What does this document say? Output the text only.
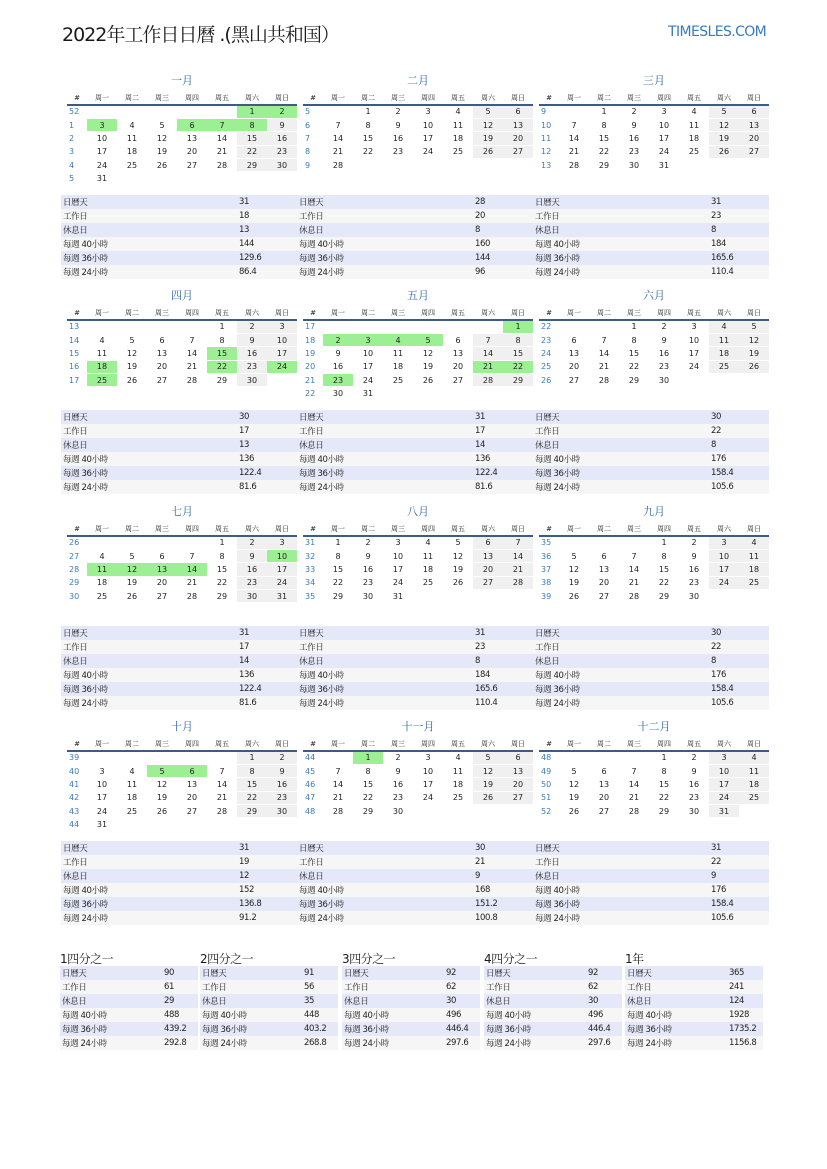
2022年工作日日曆 .(黑山共和国）	TIMESLES.COM
一月
#	周一	周二	周三	周四	周五	周六	周日
52						1	2
1	3	4	5	6	7	8	9
2	10	11	12	13	14	15	16
3	17	18	19	20	21	22	23
4	24	25	26	27	28	29	30
5	31						
日曆天	31
工作日	18
休息日	13
每週 40小時	144
每週 36小時	129.6
每週 24小時	86.4
二月
#	周一	周二	周三	周四	周五	周六	周日
5		1	2	3	4	5	6
6	7	8	9	10	11	12	13
7	14	15	16	17	18	19	20
8	21	22	23	24	25	26	27
9	28						
日曆天	28
工作日	20
休息日	8
每週 40小時	160
每週 36小時	144
每週 24小時	96
三月
#	周一	周二	周三	周四	周五	周六	周日
9		1	2	3	4	5	6
10	7	8	9	10	11	12	13
11	14	15	16	17	18	19	20
12	21	22	23	24	25	26	27
13	28	29	30	31			
日曆天	31
工作日	23
休息日	8
每週 40小時	184
每週 36小時	165.6
每週 24小時	110.4
四月
#	周一	周二	周三	周四	周五	周六	周日
13					1	2	3
14	4	5	6	7	8	9	10
15	11	12	13	14	15	16	17
16	18	19	20	21	22	23	24
17	25	26	27	28	29	30	
日曆天	30
工作日	17
休息日	13
每週 40小時	136
每週 36小時	122.4
每週 24小時	81.6
五月
#	周一	周二	周三	周四	周五	周六	周日
17							1
18	2	3	4	5	6	7	8
19	9	10	11	12	13	14	15
20	16	17	18	19	20	21	22
21	23	24	25	26	27	28	29
22	30	31					
日曆天	31
工作日	17
休息日	14
每週 40小時	136
每週 36小時	122.4
每週 24小時	81.6
六月
#	周一	周二	周三	周四	周五	周六	周日
22			1	2	3	4	5
23	6	7	8	9	10	11	12
24	13	14	15	16	17	18	19
25	20	21	22	23	24	25	26
26	27	28	29	30			
日曆天	30
工作日	22
休息日	8
每週 40小時	176
每週 36小時	158.4
每週 24小時	105.6
七月
#	周一	周二	周三	周四	周五	周六	周日
26					1	2	3
27	4	5	6	7	8	9	10
28	11	12	13	14	15	16	17
29	18	19	20	21	22	23	24
30	25	26	27	28	29	30	31
日曆天	31
工作日	17
休息日	14
每週 40小時	136
每週 36小時	122.4
每週 24小時	81.6
八月
#	周一	周二	周三	周四	周五	周六	周日
31	1	2	3	4	5	6	7
32	8	9	10	11	12	13	14
33	15	16	17	18	19	20	21
34	22	23	24	25	26	27	28
35	29	30	31				
日曆天	31
工作日	23
休息日	8
每週 40小時	184
每週 36小時	165.6
每週 24小時	110.4
九月
#	周一	周二	周三	周四	周五	周六	周日
35				1	2	3	4
36	5	6	7	8	9	10	11
37	12	13	14	15	16	17	18
38	19	20	21	22	23	24	25
39	26	27	28	29	30		
日曆天	30
工作日	22
休息日	8
每週 40小時	176
每週 36小時	158.4
每週 24小時	105.6
十月
#	周一	周二	周三	周四	周五	周六	周日
39						1	2
40	3	4	5	6	7	8	9
41	10	11	12	13	14	15	16
42	17	18	19	20	21	22	23
43	24	25	26	27	28	29	30
44	31						
日曆天	31
工作日	19
休息日	12
每週 40小時	152
每週 36小時	136.8
每週 24小時	91.2
十一月
#	周一	周二	周三	周四	周五	周六	周日
44		1	2	3	4	5	6
45	7	8	9	10	11	12	13
46	14	15	16	17	18	19	20
47	21	22	23	24	25	26	27
48	28	29	30				
日曆天	30
工作日	21
休息日	9
每週 40小時	168
每週 36小時	151.2
每週 24小時	100.8
十二月
#	周一	周二	周三	周四	周五	周六	周日
48				1	2	3	4
49	5	6	7	8	9	10	11
50	12	13	14	15	16	17	18
51	19	20	21	22	23	24	25
52	26	27	28	29	30	31	
日曆天	31
工作日	22
休息日	9
每週 40小時	176
每週 36小時	158.4
每週 24小時	105.6
1四分之一
日曆天	90
工作日	61
休息日	29
每週 40小時	488
每週 36小時	439.2
每週 24小時	292.8
2四分之一
日曆天	91
工作日	56
休息日	35
每週 40小時	448
每週 36小時	403.2
每週 24小時	268.8
3四分之一
日曆天	92
工作日	62
休息日	30
每週 40小時	496
每週 36小時	446.4
每週 24小時	297.6
4四分之一
日曆天	92
工作日	62
休息日	30
每週 40小時	496
每週 36小時	446.4
每週 24小時	297.6
1年
日曆天	365
工作日	241
休息日	124
每週 40小時	1928
每週 36小時	1735.2
每週 24小時	1156.8
